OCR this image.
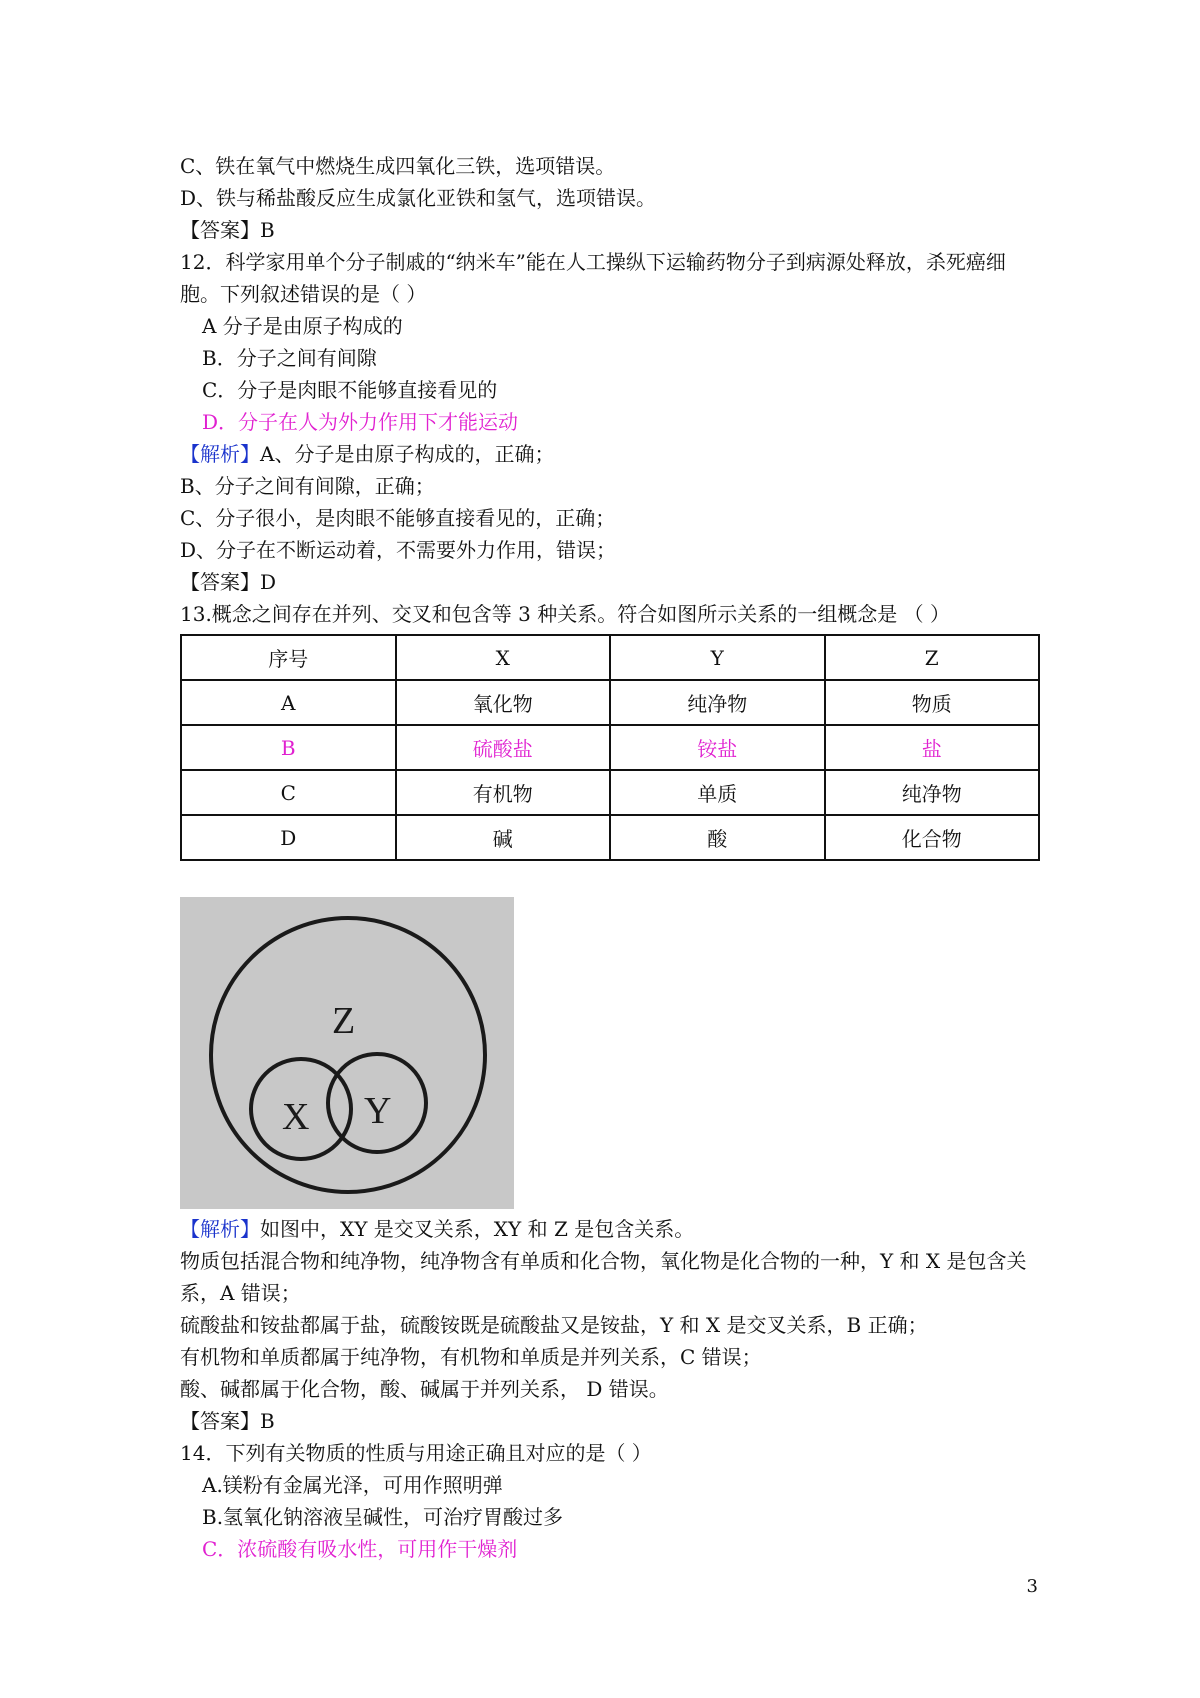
C、铁在氧气中燃烧生成四氧化三铁，选项错误。
D、铁与稀盐酸反应生成氯化亚铁和氢气，选项错误。
【答案】B
12．科学家用单个分子制戚的“纳米车”能在人工操纵下运输药物分子到病源处释放，杀死癌细胞。下列叙述错误的是（ ）
A 分子是由原子构成的
B．分子之间有间隙
C．分子是肉眼不能够直接看见的
D．分子在人为外力作用下才能运动
【解析】A、分子是由原子构成的，正确；
B、分子之间有间隙，正确；
C、分子很小，是肉眼不能够直接看见的，正确；
D、分子在不断运动着，不需要外力作用，错误；
【答案】D
13.概念之间存在并列、交叉和包含等 3 种关系。符合如图所示关系的一组概念是 （ ）
序号	X	Y	Z
A	氧化物	纯净物	物质
B	硫酸盐	铵盐	盐
C	有机物	单质	纯净物
D	碱	酸	化合物
Z
X Y
【解析】如图中，XY 是交叉关系，XY 和 Z 是包含关系。
物质包括混合物和纯净物，纯净物含有单质和化合物，氧化物是化合物的一种，Y 和 X 是包含关系，A 错误；
硫酸盐和铵盐都属于盐，硫酸铵既是硫酸盐又是铵盐，Y 和 X 是交叉关系，B 正确；
有机物和单质都属于纯净物，有机物和单质是并列关系，C 错误；
酸、碱都属于化合物，酸、碱属于并列关系， D 错误。
【答案】B
14．下列有关物质的性质与用途正确且对应的是（ ）
A.镁粉有金属光泽，可用作照明弹
B.氢氧化钠溶液呈碱性，可治疗胃酸过多
C．浓硫酸有吸水性，可用作干燥剂
3
